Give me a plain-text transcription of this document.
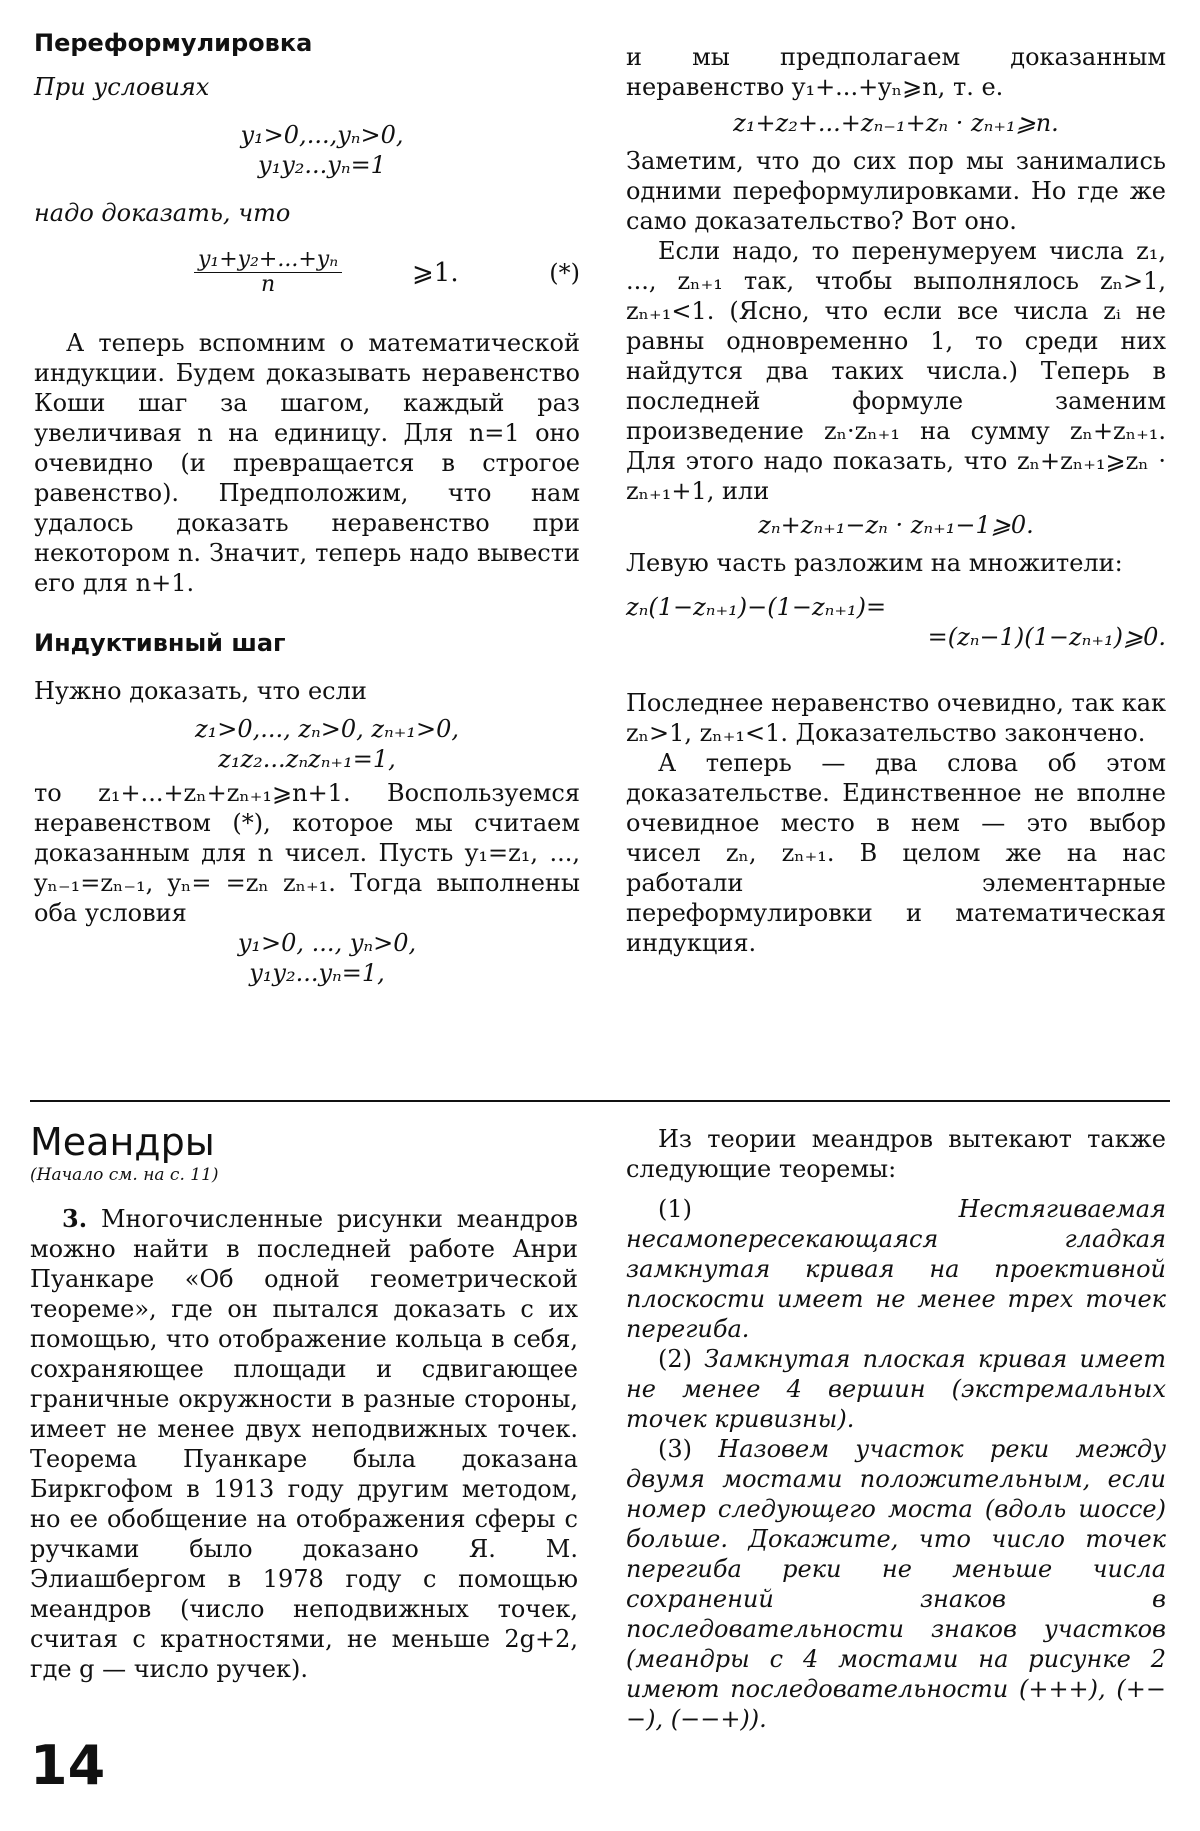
Переформулировка
При условиях
y₁>0,...,yₙ>0,
y₁y₂...yₙ=1
надо доказать, что
$\frac{\text{y₁+y₂+...+yₙ}}{n}$	⩾1.	(*)

А теперь вспомним о математической индукции. Будем доказывать неравенство Коши шаг за шагом, каждый раз увеличивая n на единицу. Для n=1 оно очевидно (и превращается в строгое равенство). Предположим, что нам удалось доказать неравенство при некотором n. Значит, теперь надо вывести его для n+1.

Индуктивный шаг
Нужно доказать, что если
z₁>0,..., zₙ>0, zₙ₊₁>0,
z₁z₂...zₙzₙ₊₁=1,

то z₁+...+zₙ+zₙ₊₁⩾n+1. Воспользуемся неравенством (*), которое мы считаем доказанным для n чисел. Пусть y₁=z₁, ..., yₙ₋₁=zₙ₋₁, yₙ= =zₙ zₙ₊₁. Тогда выполнены оба условия

y₁>0, ..., yₙ>0,
y₁y₂...yₙ=1,

и мы предполагаем доказанным неравенство y₁+...+yₙ⩾n, т. е.

z₁+z₂+...+zₙ₋₁+zₙ · zₙ₊₁⩾n.

Заметим, что до сих пор мы занимались одними переформулировками. Но где же само доказательство? Вот оно.

Если надо, то перенумеруем числа z₁, ..., zₙ₊₁ так, чтобы выполнялось zₙ>1, zₙ₊₁<1. (Ясно, что если все числа zᵢ не равны одновременно 1, то среди них найдутся два таких числа.) Теперь в последней формуле заменим произведение zₙ·zₙ₊₁ на сумму zₙ+zₙ₊₁. Для этого надо показать, что zₙ+zₙ₊₁⩾zₙ · zₙ₊₁+1, или

zₙ+zₙ₊₁−zₙ · zₙ₊₁−1⩾0.

Левую часть разложим на множители:

zₙ(1−zₙ₊₁)−(1−zₙ₊₁)=
=(zₙ−1)(1−zₙ₊₁)⩾0.

Последнее неравенство очевидно, так как zₙ>1, zₙ₊₁<1. Доказательство закончено.

А теперь — два слова об этом доказательстве. Единственное не вполне очевидное место в нем — это выбор чисел zₙ, zₙ₊₁. В целом же на нас работали элементарные переформулировки и математическая индукция.

Меандры
(Начало см. на с. 11)

3. Многочисленные рисунки меандров можно найти в последней работе Анри Пуанкаре «Об одной геометрической теореме», где он пытался доказать с их помощью, что отображение кольца в себя, сохраняющее площади и сдвигающее граничные окружности в разные стороны, имеет не менее двух неподвижных точек. Теорема Пуанкаре была доказана Биркгофом в 1913 году другим методом, но ее обобщение на отображения сферы с ручками было доказано Я. М. Элиашбергом в 1978 году с помощью меандров (число неподвижных точек, считая с кратностями, не меньше 2g+2, где g — число ручек).

Из теории меандров вытекают также следующие теоремы:

(1)	Нестягиваемая несамопересекающаяся гладкая замкнутая кривая на проективной плоскости имеет не менее трех точек перегиба.

(2) Замкнутая плоская кривая имеет не менее 4 вершин (экстремальных точек кривизны).

(3) Назовем участок реки между двумя мостами положительным, если номер следующего моста (вдоль шоссе) больше. Докажите, что число точек перегиба реки не меньше числа сохранений знаков в последовательности знаков участков (меандры с 4 мостами на рисунке 2 имеют последовательности (+++), (+−−), (−−+)).

14
